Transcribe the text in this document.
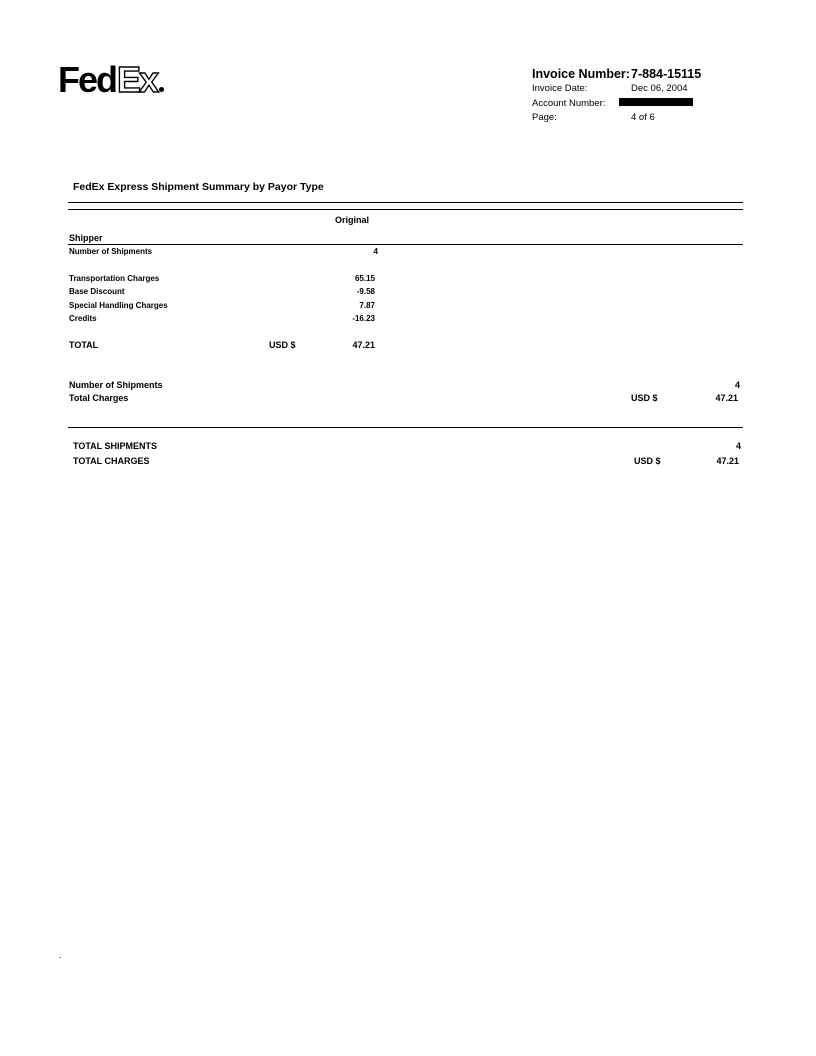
FedEx	Invoice Number: 7-884-15115
Invoice Date:	Dec 06, 2004
Account Number:
Page:	4 of 6
FedEx Express Shipment Summary by Payor Type
Original
Shipper
Number of Shipments	4
Transportation Charges	65.15
Base Discount	-9.58
Special Handling Charges	7.87
Credits	-16.23
TOTAL	USD $	47.21
Number of Shipments	4
Total Charges	USD $	47.21
TOTAL SHIPMENTS	4
TOTAL CHARGES	USD $	47.21
.
